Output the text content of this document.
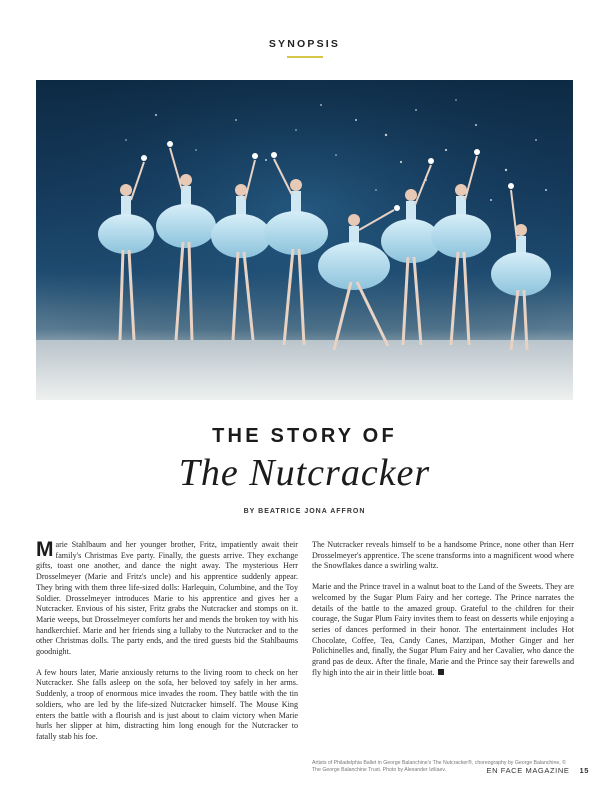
SYNOPSIS
THE STORY OF
The Nutcracker
BY BEATRICE JONA AFFRON

Marie Stahlbaum and her younger brother, Fritz, impatiently await their family's Christmas Eve party. Finally, the guests arrive. They exchange gifts, toast one another, and dance the night away. The mysterious Herr Drosselmeyer (Marie and Fritz's uncle) and his apprentice suddenly appear. They bring with them three life-sized dolls: Harlequin, Columbine, and the Toy Soldier. Drosselmeyer introduces Marie to his apprentice and gives her a Nutcracker. Envious of his sister, Fritz grabs the Nutcracker and stomps on it. Marie weeps, but Drosselmeyer comforts her and mends the broken toy with his handkerchief. Marie and her friends sing a lullaby to the Nutcracker and to the other Christmas dolls. The party ends, and the tired guests bid the Stahlbaums goodnight.

A few hours later, Marie anxiously returns to the living room to check on her Nutcracker. She falls asleep on the sofa, her beloved toy safely in her arms. Suddenly, a troop of enormous mice invades the room. They battle with the tin soldiers, who are led by the life-sized Nutcracker himself. The Mouse King enters the battle with a flourish and is just about to claim victory when Marie hurls her slipper at him, distracting him long enough for the Nutcracker to fatally stab his foe.

The Nutcracker reveals himself to be a handsome Prince, none other than Herr Drosselmeyer's apprentice. The scene transforms into a magnificent wood where the Snowflakes dance a swirling waltz.

Marie and the Prince travel in a walnut boat to the Land of the Sweets. They are welcomed by the Sugar Plum Fairy and her cortege. The Prince narrates the details of the battle to the amazed group. Grateful to the children for their courage, the Sugar Plum Fairy invites them to feast on desserts while enjoying a series of dances performed in their honor. The entertainment includes Hot Chocolate, Coffee, Tea, Candy Canes, Marzipan, Mother Ginger and her Polichinelles and, finally, the Sugar Plum Fairy and her Cavalier, who dance the grand pas de deux. After the finale, Marie and the Prince say their farewells and fly high into the air in their little boat.

Artists of Philadelphia Ballet in George Balanchine's The Nutcracker®, choreography by George Balanchine, © The George Balanchine Trust. Photo by Alexander Iziliaev.	EN FACE MAGAZINE 15
